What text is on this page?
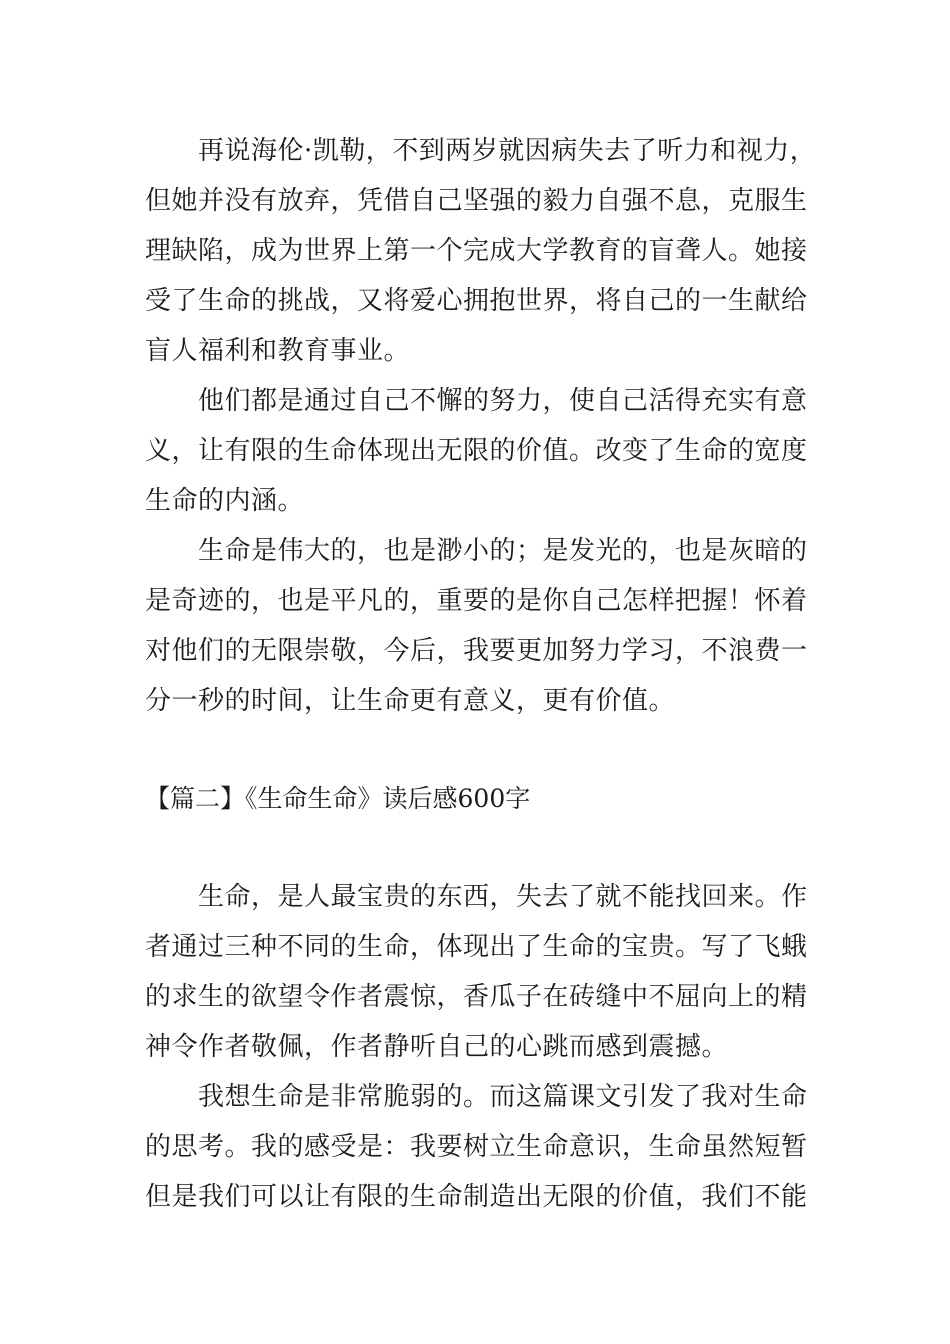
再说海伦·凯勒，不到两岁就因病失去了听力和视力，
但她并没有放弃，凭借自己坚强的毅力自强不息，克服生
理缺陷，成为世界上第一个完成大学教育的盲聋人。她接
受了生命的挑战，又将爱心拥抱世界，将自己的一生献给
盲人福利和教育事业。
他们都是通过自己不懈的努力，使自己活得充实有意
义，让有限的生命体现出无限的价值。改变了生命的宽度
生命的内涵。
生命是伟大的，也是渺小的；是发光的，也是灰暗的
是奇迹的，也是平凡的，重要的是你自己怎样把握！怀着
对他们的无限崇敬，今后，我要更加努力学习，不浪费一
分一秒的时间，让生命更有意义，更有价值。
【篇二】《生命生命》读后感600字
生命，是人最宝贵的东西，失去了就不能找回来。作
者通过三种不同的生命，体现出了生命的宝贵。写了飞蛾
的求生的欲望令作者震惊，香瓜子在砖缝中不屈向上的精
神令作者敬佩，作者静听自己的心跳而感到震撼。
我想生命是非常脆弱的。而这篇课文引发了我对生命
的思考。我的感受是：我要树立生命意识，生命虽然短暂
但是我们可以让有限的生命制造出无限的价值，我们不能
